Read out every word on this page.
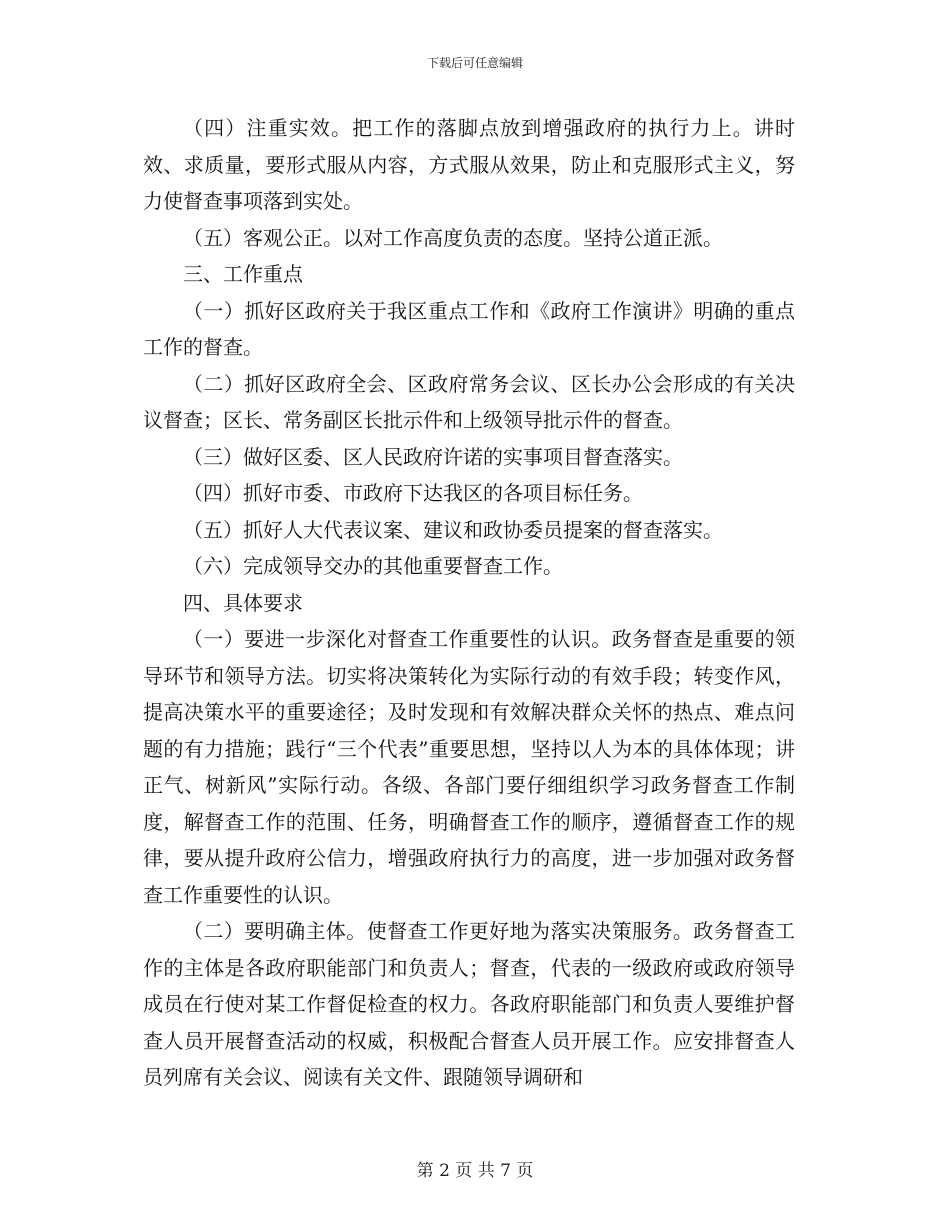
下载后可任意编辑

（四）注重实效。把工作的落脚点放到增强政府的执行力上。讲时效、求质量，要形式服从内容，方式服从效果，防止和克服形式主义，努力使督查事项落到实处。

（五）客观公正。以对工作高度负责的态度。坚持公道正派。

三、工作重点

（一）抓好区政府关于我区重点工作和《政府工作演讲》明确的重点工作的督查。

（二）抓好区政府全会、区政府常务会议、区长办公会形成的有关决议督查；区长、常务副区长批示件和上级领导批示件的督查。

（三）做好区委、区人民政府许诺的实事项目督查落实。

（四）抓好市委、市政府下达我区的各项目标任务。

（五）抓好人大代表议案、建议和政协委员提案的督查落实。

（六）完成领导交办的其他重要督查工作。

四、具体要求

（一）要进一步深化对督查工作重要性的认识。政务督查是重要的领导环节和领导方法。切实将决策转化为实际行动的有效手段；转变作风，提高决策水平的重要途径；及时发现和有效解决群众关怀的热点、难点问题的有力措施；践行“三个代表”重要思想，坚持以人为本的具体体现；讲正气、树新风”实际行动。各级、各部门要仔细组织学习政务督查工作制度，解督查工作的范围、任务，明确督查工作的顺序，遵循督查工作的规律，要从提升政府公信力，增强政府执行力的高度，进一步加强对政务督查工作重要性的认识。

（二）要明确主体。使督查工作更好地为落实决策服务。政务督查工作的主体是各政府职能部门和负责人；督查，代表的一级政府或政府领导成员在行使对某工作督促检查的权力。各政府职能部门和负责人要维护督查人员开展督查活动的权威，积极配合督查人员开展工作。应安排督查人员列席有关会议、阅读有关文件、跟随领导调研和

第 2 页 共 7 页
